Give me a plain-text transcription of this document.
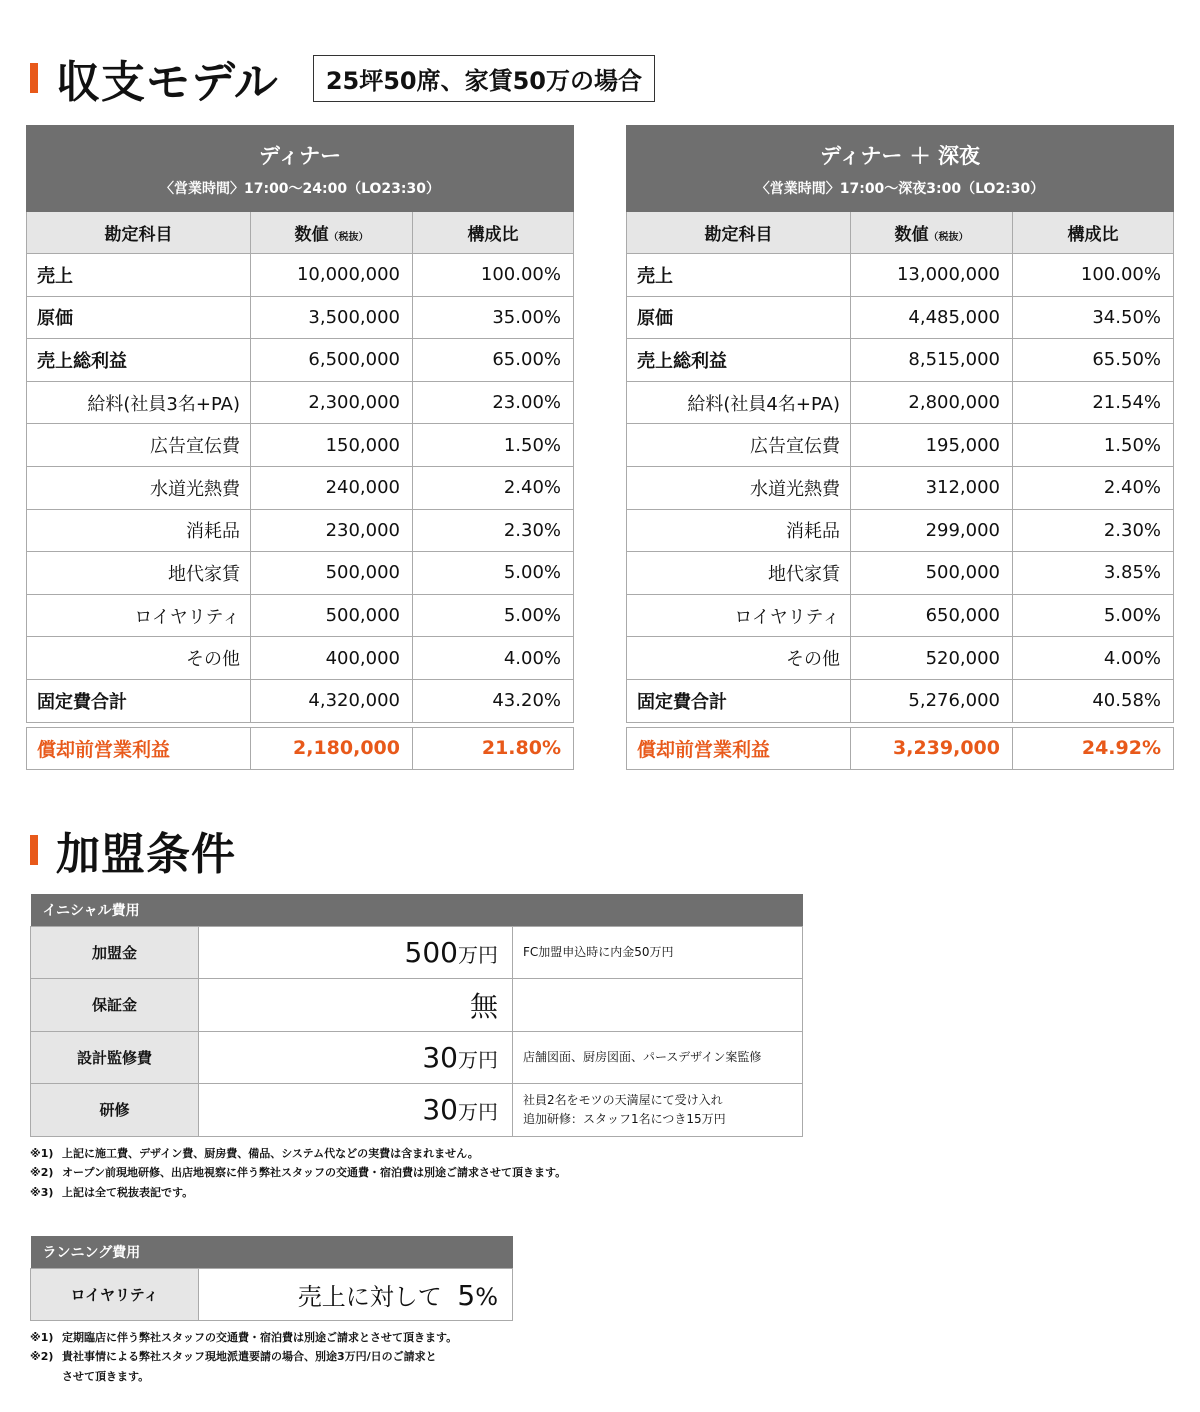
収支モデル	25坪50席、家賃50万の場合
ディナー
〈営業時間〉17:00〜24:00（LO23:30）		

勘定科目	数値（税抜）	構成比
売上	10,000,000	100.00%
原価	3,500,000	35.00%
売上総利益	6,500,000	65.00%
給料(社員3名+PA)	2,300,000	23.00%
広告宣伝費	150,000	1.50%
水道光熱費	240,000	2.40%
消耗品	230,000	2.30%
地代家賃	500,000	5.00%
ロイヤリティ	500,000	5.00%
その他	400,000	4.00%
固定費合計	4,320,000	43.20%

償却前営業利益	2,180,000	21.80%
ディナー ＋ 深夜
〈営業時間〉17:00〜深夜3:00（LO2:30）		

勘定科目	数値（税抜）	構成比
売上	13,000,000	100.00%
原価	4,485,000	34.50%
売上総利益	8,515,000	65.50%
給料(社員4名+PA)	2,800,000	21.54%
広告宣伝費	195,000	1.50%
水道光熱費	312,000	2.40%
消耗品	299,000	2.30%
地代家賃	500,000	3.85%
ロイヤリティ	650,000	5.00%
その他	520,000	4.00%
固定費合計	5,276,000	40.58%

償却前営業利益	3,239,000	24.92%
加盟条件
イニシャル費用		
加盟金	500万円	FC加盟申込時に内金50万円

保証金	無	

設計監修費	30万円	店舗図面、厨房図面、パースデザイン案監修

研修	30万円	社員2名をモツの天満屋にて受け入れ
追加研修：スタッフ1名につき15万円
※1) 上記に施工費、デザイン費、厨房費、備品、システム代などの実費は含まれません。
※2) オープン前現地研修、出店地視察に伴う弊社スタッフの交通費・宿泊費は別途ご請求させて頂きます。
※3) 上記は全て税抜表記です。
ランニング費用
ロイヤリティ	売上に対して 5%
※1) 定期臨店に伴う弊社スタッフの交通費・宿泊費は別途ご請求とさせて頂きます。
※2) 貴社事情による弊社スタッフ現地派遣要請の場合、別途3万円/日のご請求と
させて頂きます。
